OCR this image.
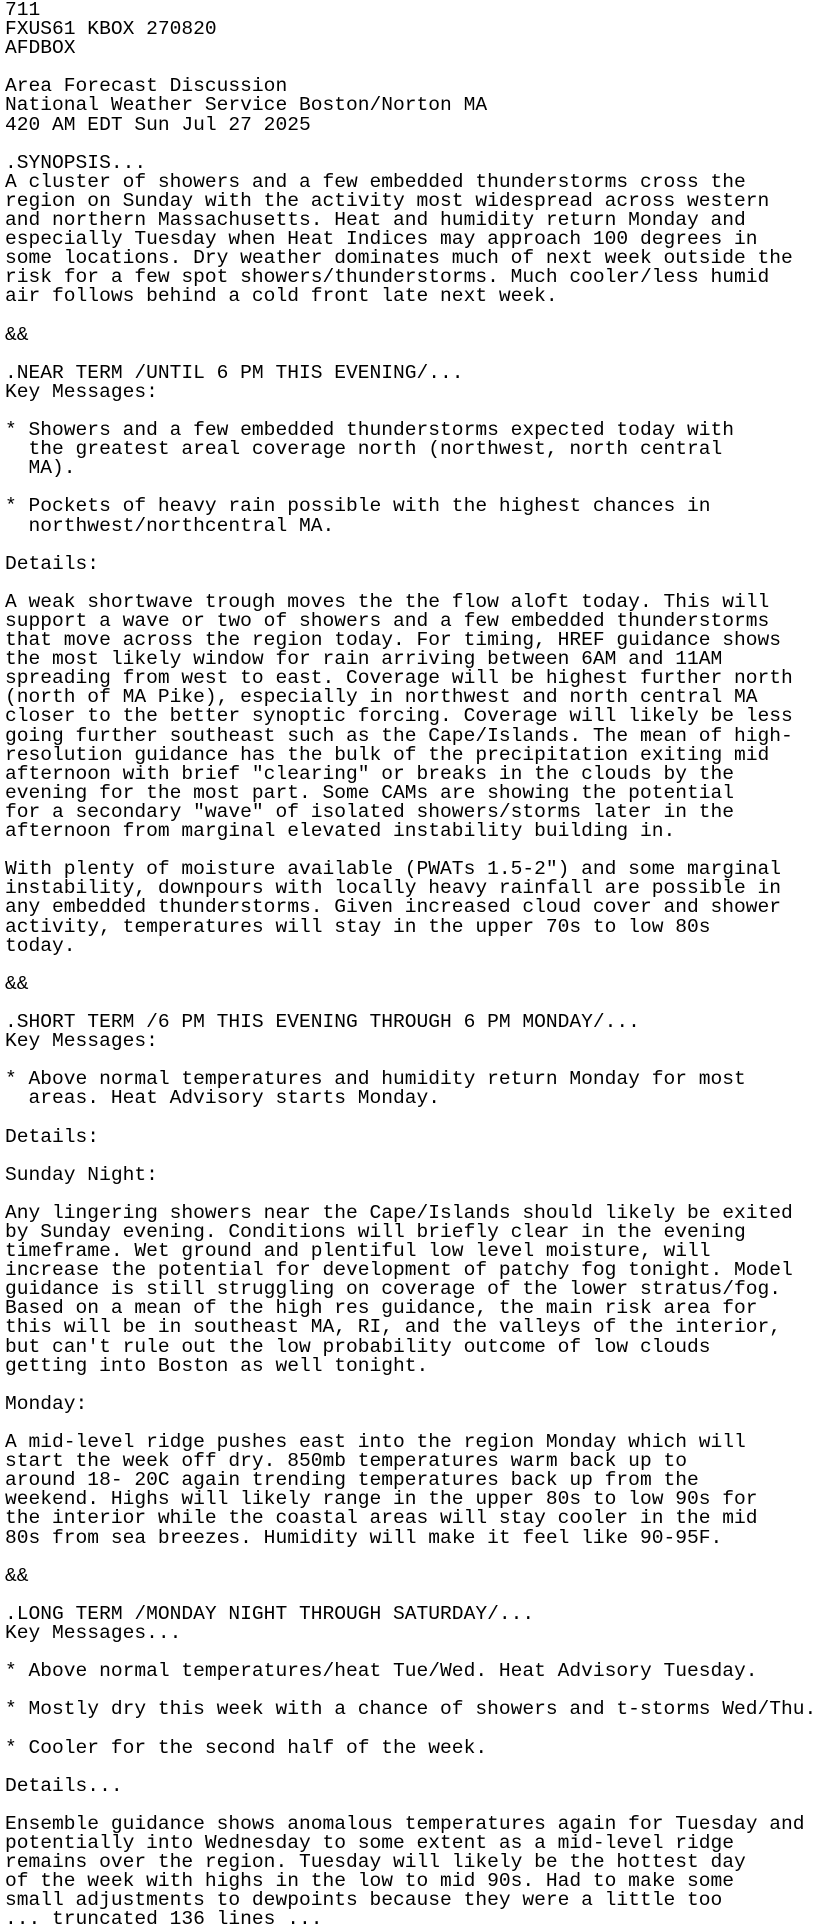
711
FXUS61 KBOX 270820
AFDBOX

Area Forecast Discussion
National Weather Service Boston/Norton MA
420 AM EDT Sun Jul 27 2025

.SYNOPSIS...
A cluster of showers and a few embedded thunderstorms cross the
region on Sunday with the activity most widespread across western
and northern Massachusetts. Heat and humidity return Monday and
especially Tuesday when Heat Indices may approach 100 degrees in
some locations. Dry weather dominates much of next week outside the
risk for a few spot showers/thunderstorms. Much cooler/less humid
air follows behind a cold front late next week.

&&

.NEAR TERM /UNTIL 6 PM THIS EVENING/...
Key Messages:

* Showers and a few embedded thunderstorms expected today with
the greatest areal coverage north (northwest, north central
MA).

* Pockets of heavy rain possible with the highest chances in
northwest/northcentral MA.

Details:

A weak shortwave trough moves the the flow aloft today. This will
support a wave or two of showers and a few embedded thunderstorms
that move across the region today. For timing, HREF guidance shows
the most likely window for rain arriving between 6AM and 11AM
spreading from west to east. Coverage will be highest further north
(north of MA Pike), especially in northwest and north central MA
closer to the better synoptic forcing. Coverage will likely be less
going further southeast such as the Cape/Islands. The mean of high-
resolution guidance has the bulk of the precipitation exiting mid
afternoon with brief "clearing" or breaks in the clouds by the
evening for the most part. Some CAMs are showing the potential
for a secondary "wave" of isolated showers/storms later in the
afternoon from marginal elevated instability building in.

With plenty of moisture available (PWATs 1.5-2") and some marginal
instability, downpours with locally heavy rainfall are possible in
any embedded thunderstorms. Given increased cloud cover and shower
activity, temperatures will stay in the upper 70s to low 80s
today.

&&

.SHORT TERM /6 PM THIS EVENING THROUGH 6 PM MONDAY/...
Key Messages:

* Above normal temperatures and humidity return Monday for most
areas. Heat Advisory starts Monday.

Details:

Sunday Night:

Any lingering showers near the Cape/Islands should likely be exited
by Sunday evening. Conditions will briefly clear in the evening
timeframe. Wet ground and plentiful low level moisture, will
increase the potential for development of patchy fog tonight. Model
guidance is still struggling on coverage of the lower stratus/fog.
Based on a mean of the high res guidance, the main risk area for
this will be in southeast MA, RI, and the valleys of the interior,
but can't rule out the low probability outcome of low clouds
getting into Boston as well tonight.

Monday:

A mid-level ridge pushes east into the region Monday which will
start the week off dry. 850mb temperatures warm back up to
around 18- 20C again trending temperatures back up from the
weekend. Highs will likely range in the upper 80s to low 90s for
the interior while the coastal areas will stay cooler in the mid
80s from sea breezes. Humidity will make it feel like 90-95F.

&&

.LONG TERM /MONDAY NIGHT THROUGH SATURDAY/...
Key Messages...

* Above normal temperatures/heat Tue/Wed. Heat Advisory Tuesday.

* Mostly dry this week with a chance of showers and t-storms Wed/Thu.

* Cooler for the second half of the week.

Details...

Ensemble guidance shows anomalous temperatures again for Tuesday and
potentially into Wednesday to some extent as a mid-level ridge
remains over the region. Tuesday will likely be the hottest day
of the week with highs in the low to mid 90s. Had to make some
small adjustments to dewpoints because they were a little too
... truncated 136 lines ...
